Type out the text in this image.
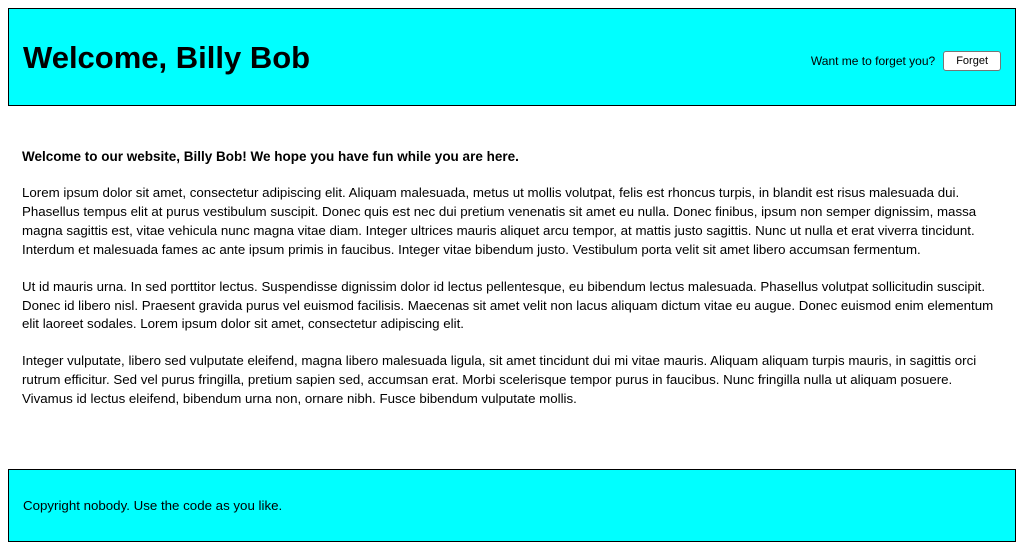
Welcome, Billy Bob	Want me to forget you?	Forget

Welcome to our website, Billy Bob! We hope you have fun while you are here.

Lorem ipsum dolor sit amet, consectetur adipiscing elit. Aliquam malesuada, metus ut mollis volutpat, felis est rhoncus turpis, in blandit est risus malesuada dui. Phasellus tempus elit at purus vestibulum suscipit. Donec quis est nec dui pretium venenatis sit amet eu nulla. Donec finibus, ipsum non semper dignissim, massa magna sagittis est, vitae vehicula nunc magna vitae diam. Integer ultrices mauris aliquet arcu tempor, at mattis justo sagittis. Nunc ut nulla et erat viverra tincidunt. Interdum et malesuada fames ac ante ipsum primis in faucibus. Integer vitae bibendum justo. Vestibulum porta velit sit amet libero accumsan fermentum.

Ut id mauris urna. In sed porttitor lectus. Suspendisse dignissim dolor id lectus pellentesque, eu bibendum lectus malesuada. Phasellus volutpat sollicitudin suscipit. Donec id libero nisl. Praesent gravida purus vel euismod facilisis. Maecenas sit amet velit non lacus aliquam dictum vitae eu augue. Donec euismod enim elementum elit laoreet sodales. Lorem ipsum dolor sit amet, consectetur adipiscing elit.

Integer vulputate, libero sed vulputate eleifend, magna libero malesuada ligula, sit amet tincidunt dui mi vitae mauris. Aliquam aliquam turpis mauris, in sagittis orci rutrum efficitur. Sed vel purus fringilla, pretium sapien sed, accumsan erat. Morbi scelerisque tempor purus in faucibus. Nunc fringilla nulla ut aliquam posuere. Vivamus id lectus eleifend, bibendum urna non, ornare nibh. Fusce bibendum vulputate mollis.

Copyright nobody. Use the code as you like.
